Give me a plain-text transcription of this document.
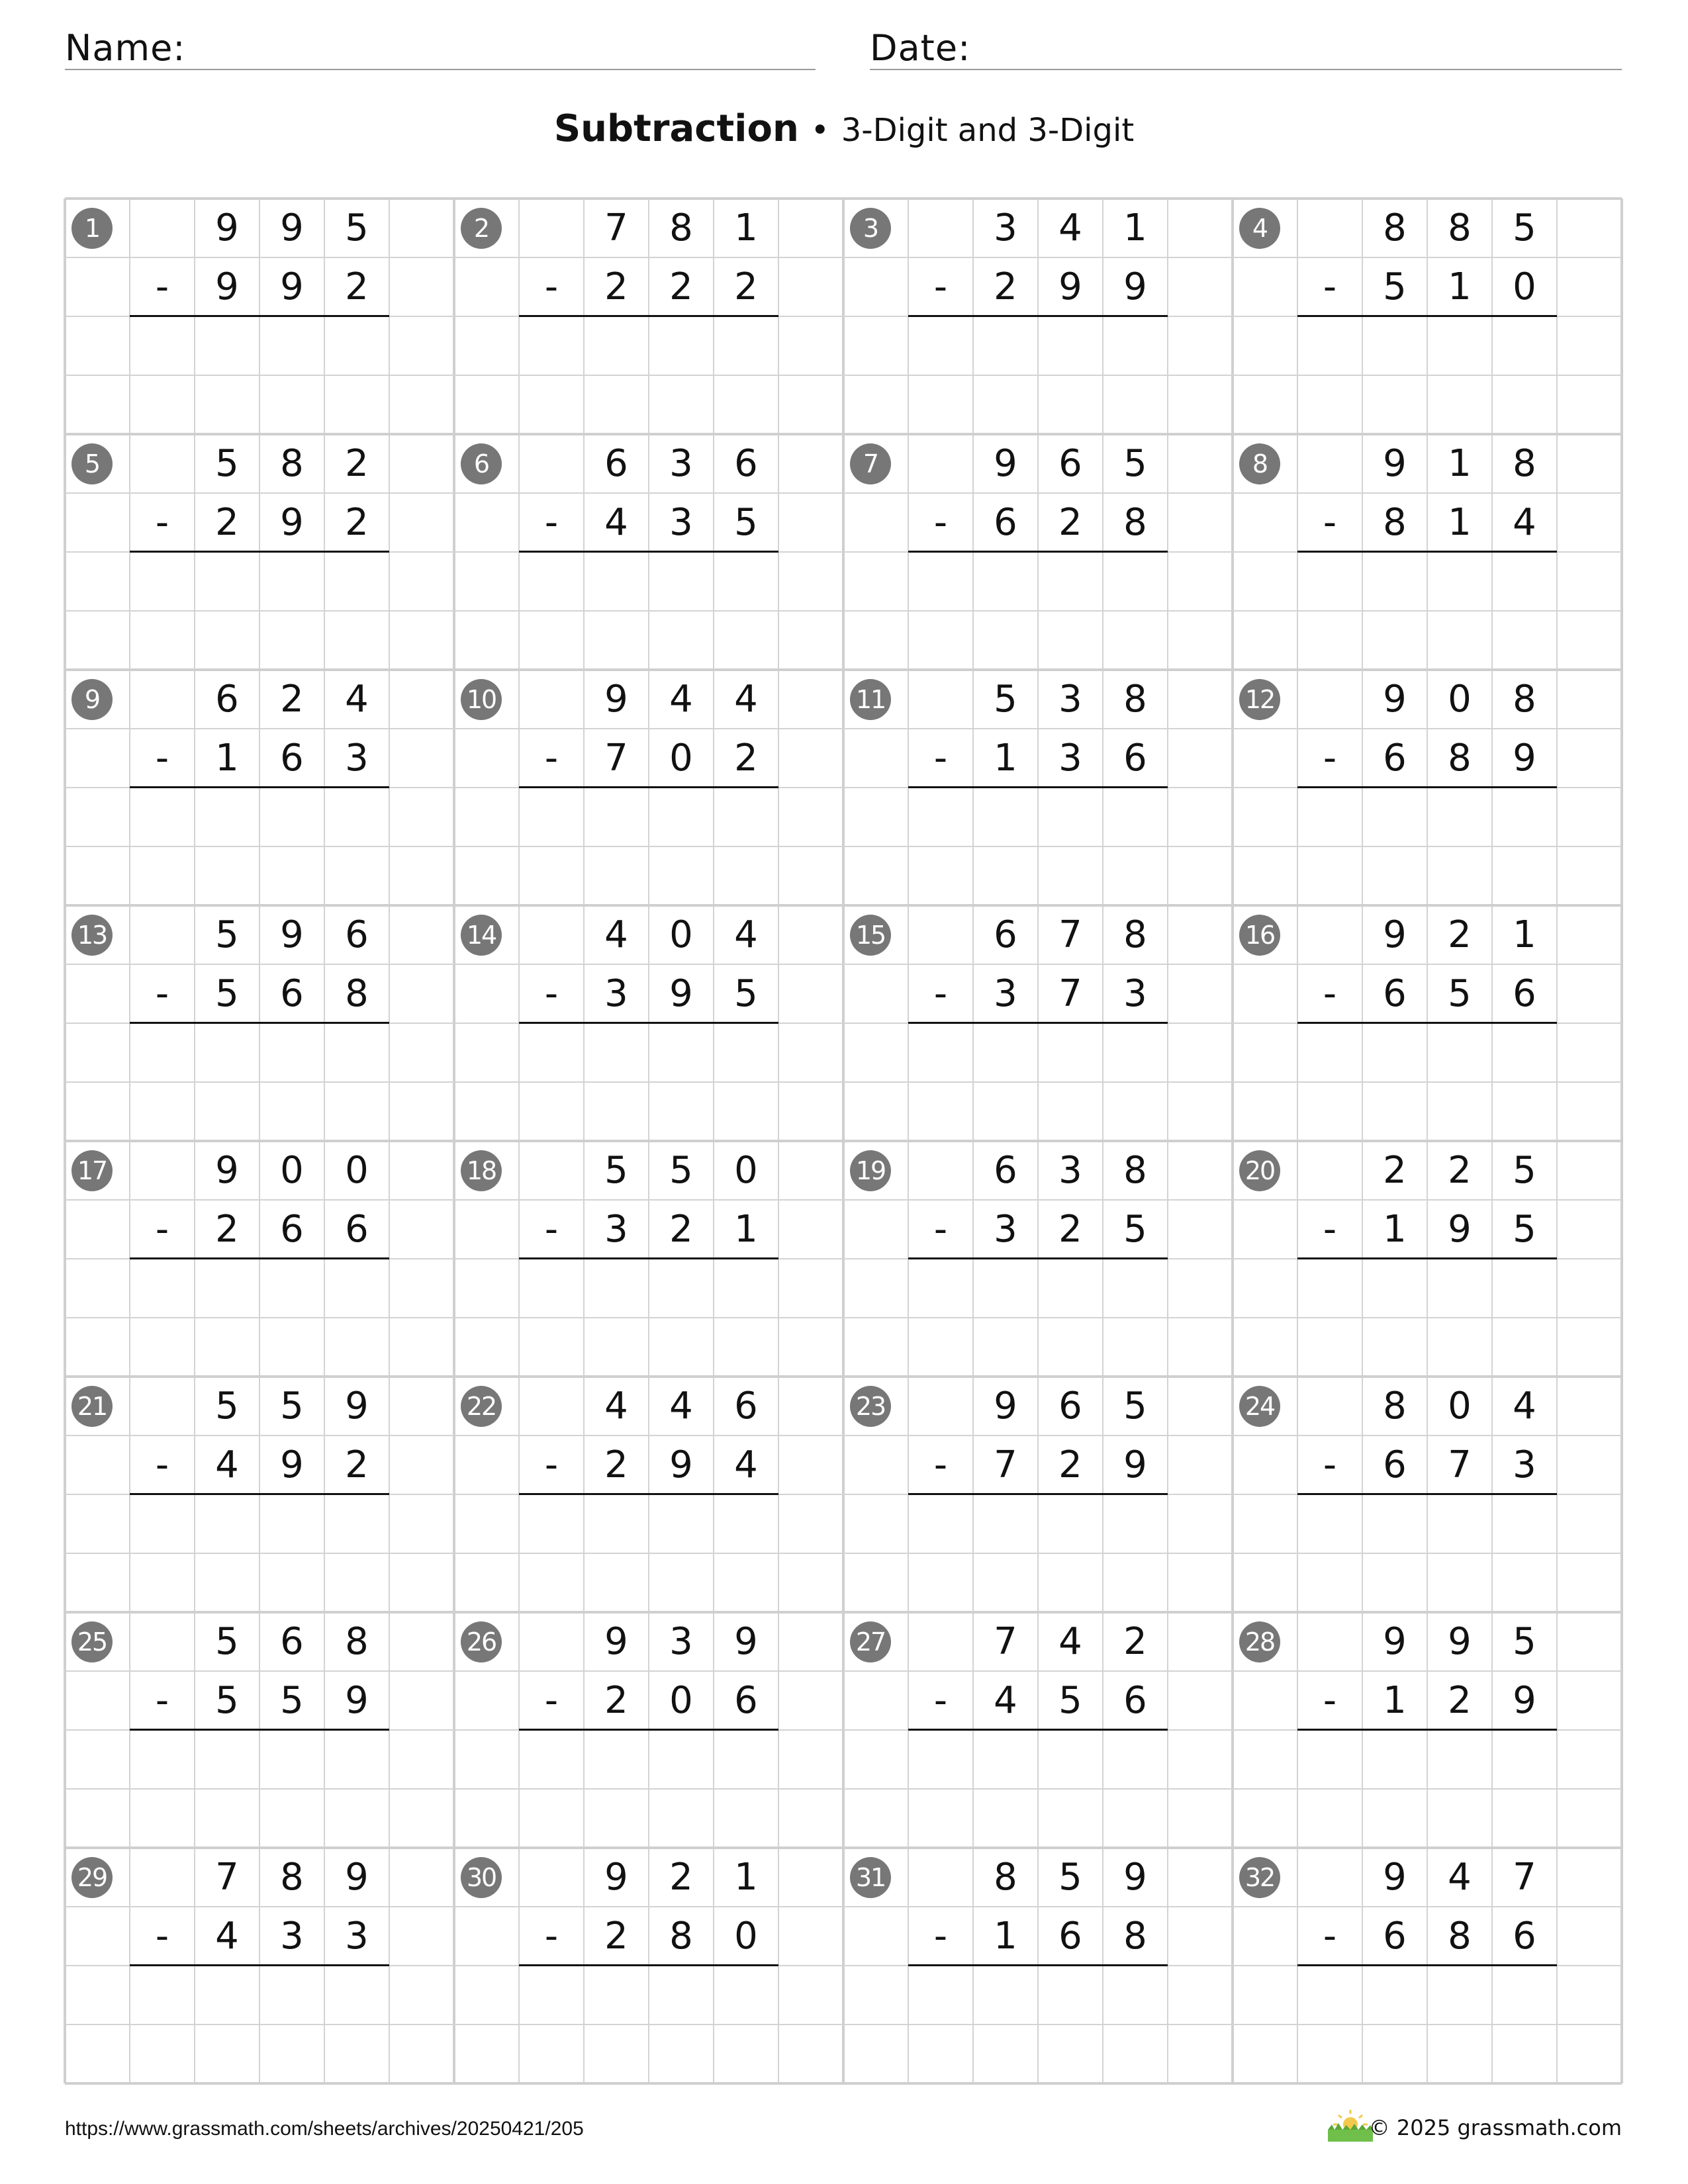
Name:	Date:
Subtraction • 3-Digit and 3-Digit
1	9	9	5
-	9	9	2
2	7	8	1
-	2	2	2
3	3	4	1
-	2	9	9
4	8	8	5
-	5	1	0
5	5	8	2
-	2	9	2
6	6	3	6
-	4	3	5
7	9	6	5
-	6	2	8
8	9	1	8
-	8	1	4
9	6	2	4
-	1	6	3
10	9	4	4
-	7	0	2
11	5	3	8
-	1	3	6
12	9	0	8
-	6	8	9
13	5	9	6
-	5	6	8
14	4	0	4
-	3	9	5
15	6	7	8
-	3	7	3
16	9	2	1
-	6	5	6
17	9	0	0
-	2	6	6
18	5	5	0
-	3	2	1
19	6	3	8
-	3	2	5
20	2	2	5
-	1	9	5
21	5	5	9
-	4	9	2
22	4	4	6
-	2	9	4
23	9	6	5
-	7	2	9
24	8	0	4
-	6	7	3
25	5	6	8
-	5	5	9
26	9	3	9
-	2	0	6
27	7	4	2
-	4	5	6
28	9	9	5
-	1	2	9
29	7	8	9
-	4	3	3
30	9	2	1
-	2	8	0
31	8	5	9
-	1	6	8
32	9	4	7
-	6	8	6
https://www.grassmath.com/sheets/archives/20250421/205	© 2025 grassmath.com
